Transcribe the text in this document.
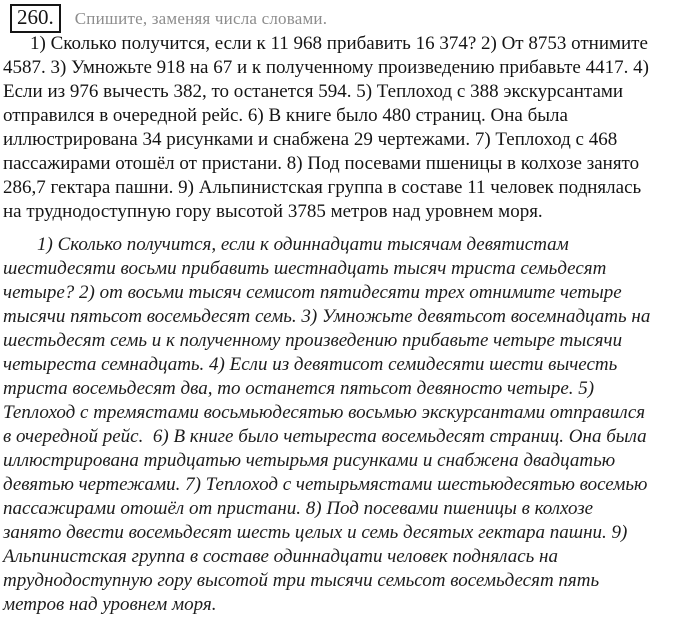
260.	Спишите, заменяя числа словами.
1) Сколько получится, если к 11 968 прибавить 16 374? 2) От 8753 отнимите
4587. 3) Умножьте 918 на 67 и к полученному произведению прибавьте 4417. 4)
Если из 976 вычесть 382, то останется 594. 5) Теплоход с 388 экскурсантами
отправился в очередной рейс. 6) В книге было 480 страниц. Она была
иллюстрирована 34 рисунками и снабжена 29 чертежами. 7) Теплоход с 468
пассажирами отошёл от пристани. 8) Под посевами пшеницы в колхозе занято
286,7 гектара пашни. 9) Альпинистская группа в составе 11 человек поднялась
на труднодоступную гору высотой 3785 метров над уровнем моря.
1) Сколько получится, если к одиннадцати тысячам девятистам
шестидесяти восьми прибавить шестнадцать тысяч триста семьдесят
четыре? 2) от восьми тысяч семисот пятидесяти трех отнимите четыре
тысячи пятьсот восемьдесят семь. 3) Умножьте девятьсот восемнадцать на
шестьдесят семь и к полученному произведению прибавьте четыре тысячи
четыреста семнадцать. 4) Если из девятисот семидесяти шести вычесть
триста восемьдесят два, то останется пятьсот девяносто четыре. 5)
Теплоход с тремястами восьмьюдесятью восьмью экскурсантами отправился
в очередной рейс.  6) В книге было четыреста восемьдесят страниц. Она была
иллюстрирована тридцатью четырьмя рисунками и снабжена двадцатью
девятью чертежами. 7) Теплоход с четырьмястами шестьюдесятью восемью
пассажирами отошёл от пристани. 8) Под посевами пшеницы в колхозе
занято двести восемьдесят шесть целых и семь десятых гектара пашни. 9)
Альпинистская группа в составе одиннадцати человек поднялась на
труднодоступную гору высотой три тысячи семьсот восемьдесят пять
метров над уровнем моря.
